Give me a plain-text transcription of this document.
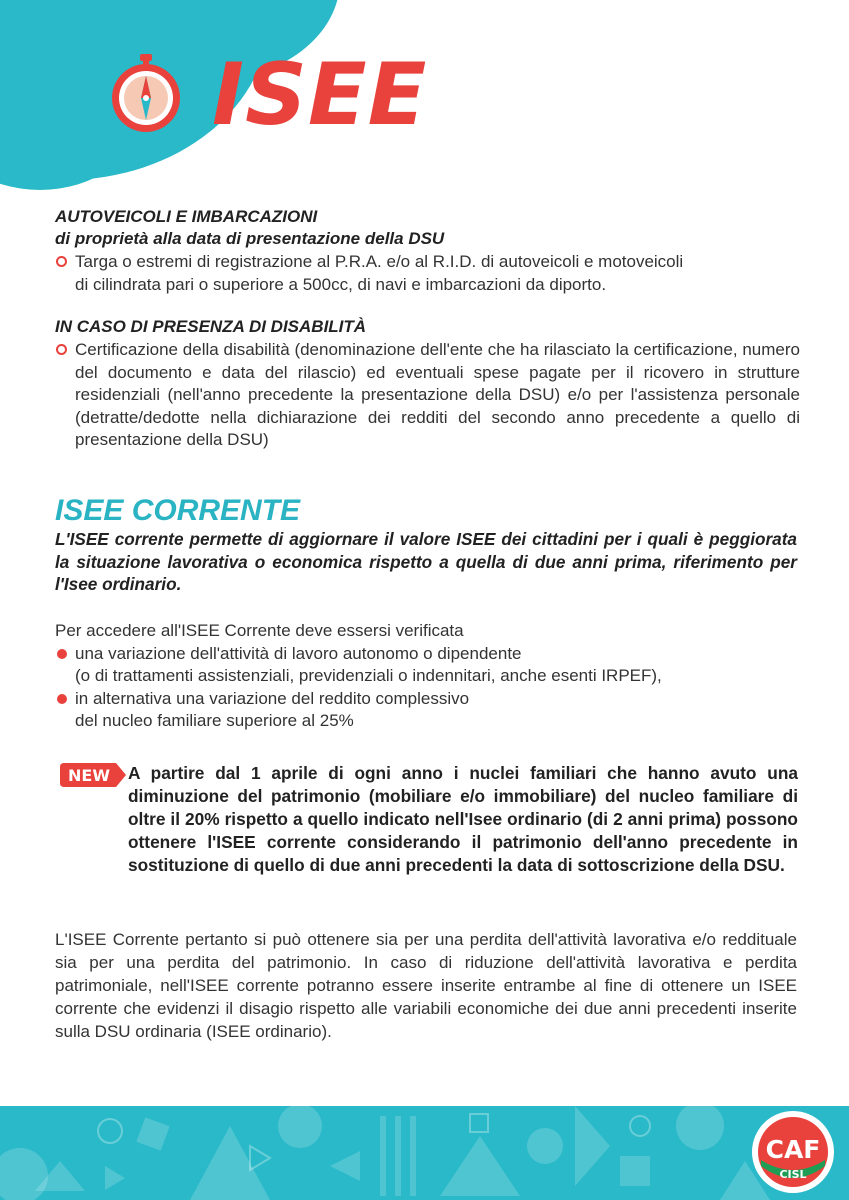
ISEE
AUTOVEICOLI E IMBARCAZIONI
di proprietà alla data di presentazione della DSU
Targa o estremi di registrazione al P.R.A. e/o al R.I.D. di autoveicoli e motoveicoli
di cilindrata pari o superiore a 500cc, di navi e imbarcazioni da diporto.
IN CASO DI PRESENZA DI DISABILITÀ
Certificazione della disabilità (denominazione dell'ente che ha rilasciato la certificazione, numero del documento e data del rilascio) ed eventuali spese pagate per il ricovero in strutture residenziali (nell'anno precedente la presentazione della DSU) e/o per l'assistenza personale (detratte/dedotte nella dichiarazione dei redditi del secondo anno precedente a quello di presentazione della DSU)
ISEE CORRENTE
L'ISEE corrente permette di aggiornare il valore ISEE dei cittadini per i quali è peggiorata la situazione lavorativa o economica rispetto a quella di due anni prima, riferimento per l'Isee ordinario.
Per accedere all'ISEE Corrente deve essersi verificata
una variazione dell'attività di lavoro autonomo o dipendente
(o di trattamenti assistenziali, previdenziali o indennitari, anche esenti IRPEF),
in alternativa una variazione del reddito complessivo
del nucleo familiare superiore al 25%
NEW A partire dal 1 aprile di ogni anno i nuclei familiari che hanno avuto una diminuzione del patrimonio (mobiliare e/o immobiliare) del nucleo familiare di oltre il 20% rispetto a quello indicato nell'Isee ordinario (di 2 anni prima) possono ottenere l'ISEE corrente considerando il patrimonio dell'anno precedente in sostituzione di quello di due anni precedenti la data di sottoscrizione della DSU.
L'ISEE Corrente pertanto si può ottenere sia per una perdita dell'attività lavorativa e/o reddituale sia per una perdita del patrimonio. In caso di riduzione dell'attività lavorativa e perdita patrimoniale, nell'ISEE corrente potranno essere inserite entrambe al fine di ottenere un ISEE corrente che evidenzi il disagio rispetto alle variabili economiche dei due anni precedenti inserite sulla DSU ordinaria (ISEE ordinario).
CAF
CISL
